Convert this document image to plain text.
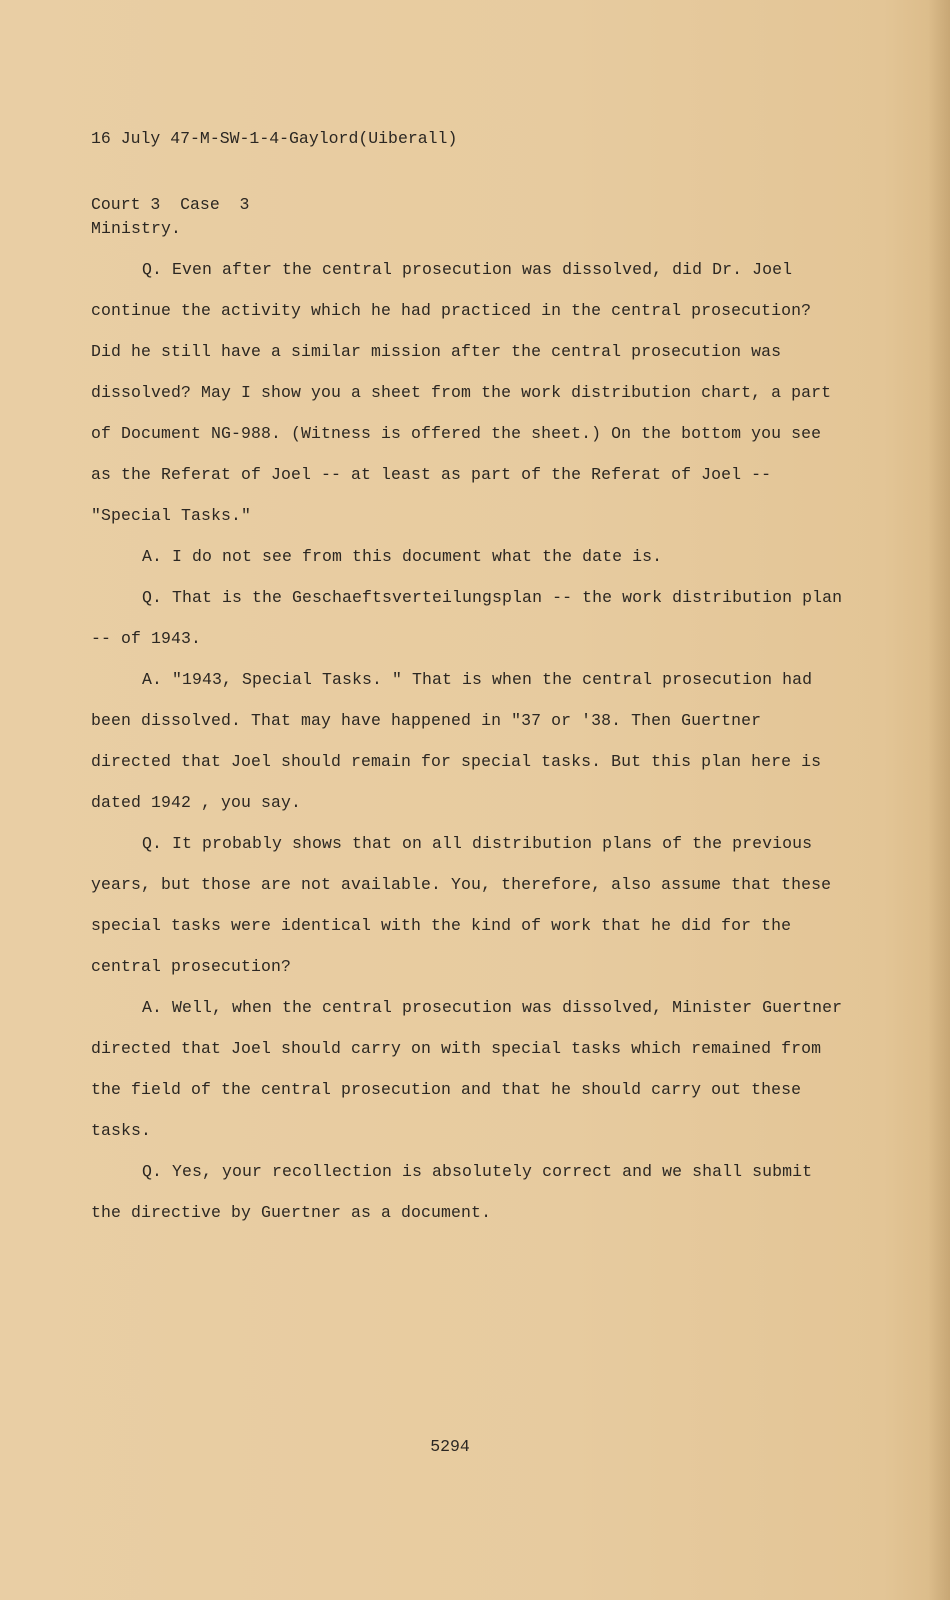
16 July 47-M-SW-1-4-Gaylord(Uiberall)

Court 3  Case  3

Ministry.

Q. Even after the central prosecution was dissolved, did Dr. Joel continue the activity which he had practiced in the central prosecution? Did he still have a similar mission after the central prosecution was dissolved? May I show you a sheet from the work distribution chart, a part of Document NG-988. (Witness is offered the sheet.) On the bottom you see as the Referat of Joel -- at least as part of the Referat of Joel -- "Special Tasks."

A. I do not see from this document what the date is.

Q. That is the Geschaeftsverteilungsplan -- the work distribution plan -- of 1943.

A. "1943, Special Tasks. " That is when the central prosecution had been dissolved. That may have happened in "37 or '38. Then Guertner directed that Joel should remain for special tasks. But this plan here is dated 1942 , you say.

Q. It probably shows that on all distribution plans of the previous years, but those are not available. You, therefore, also assume that these special tasks were identical with the kind of work that he did for the central prosecution?

A. Well, when the central prosecution was dissolved, Minister Guertner directed that Joel should carry on with special tasks which remained from the field of the central prosecution and that he should carry out these tasks.

Q. Yes, your recollection is absolutely correct and we shall submit the directive by Guertner as a document.

5294
